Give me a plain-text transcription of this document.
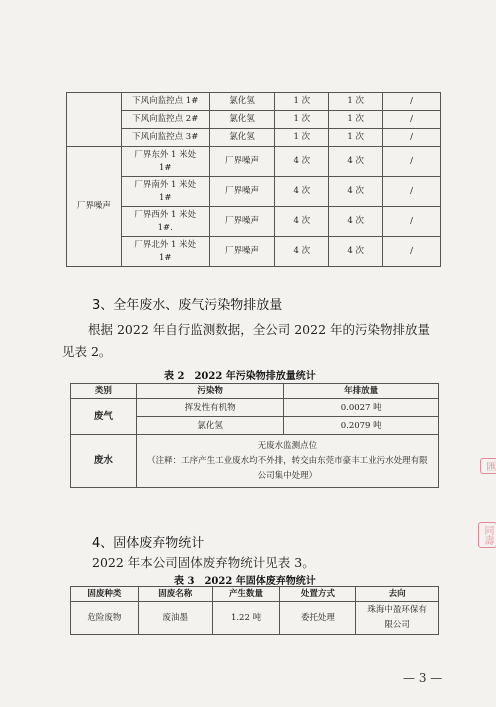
	下风向监控点 1#	氯化氢	1 次	1 次	/
	下风向监控点 2#	氯化氢	1 次	1 次	/
	下风向监控点 3#	氯化氢	1 次	1 次	/
厂界噪声	厂界东外 1 米处
1#	厂界噪声	4 次	4 次	/
	厂界南外 1 米处
1#	厂界噪声	4 次	4 次	/
	厂界西外 1 米处
1#.	厂界噪声	4 次	4 次	/
	厂界北外 1 米处
1#	厂界噪声	4 次	4 次	/
3、全年废水、废气污染物排放量
根据 2022 年自行监测数据，全公司 2022 年的污染物排放量
见表 2。
表 2　2022 年污染物排放量统计
类别	污染物	年排放量
废气	挥发性有机物	0.0027 吨
	氯化氢	0.2079 吨
废水	无废水监测点位
（注释：工序产生工业废水均不外排，转交由东莞市豪丰工业污水处理有限
公司集中处理）	
4、固体废弃物统计
2022 年本公司固体废弃物统计见表 3。
表 3　2022 年固体废弃物统计
固废种类	固废名称	产生数量	处置方式	去向
危险废物	废油墨	1.22 吨	委托处理	珠海中盈环保有
限公司
— 3 —
匯
同壽
